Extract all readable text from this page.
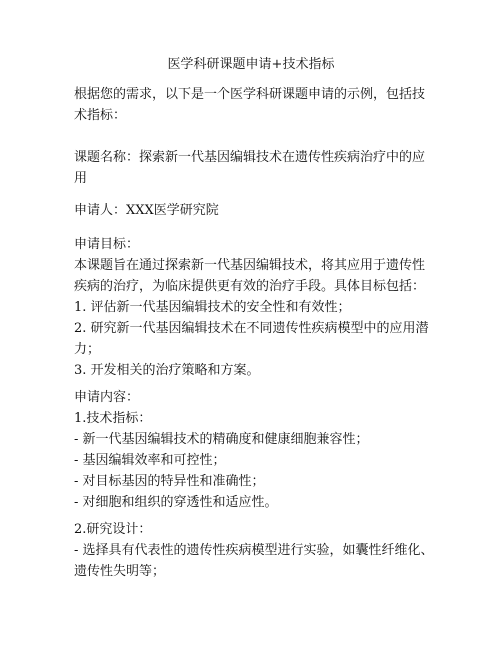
医学科研课题申请+技术指标

根据您的需求，以下是一个医学科研课题申请的示例，包括技
术指标：

课题名称：探索新一代基因编辑技术在遗传性疾病治疗中的应
用

申请人：XXX医学研究院

申请目标：
本课题旨在通过探索新一代基因编辑技术，将其应用于遗传性
疾病的治疗，为临床提供更有效的治疗手段。具体目标包括：
1. 评估新一代基因编辑技术的安全性和有效性；
2. 研究新一代基因编辑技术在不同遗传性疾病模型中的应用潜
力；
3. 开发相关的治疗策略和方案。

申请内容：
1.技术指标：
- 新一代基因编辑技术的精确度和健康细胞兼容性；
- 基因编辑效率和可控性；
- 对目标基因的特异性和准确性；
- 对细胞和组织的穿透性和适应性。

2.研究设计：
- 选择具有代表性的遗传性疾病模型进行实验，如囊性纤维化、
遗传性失明等；
